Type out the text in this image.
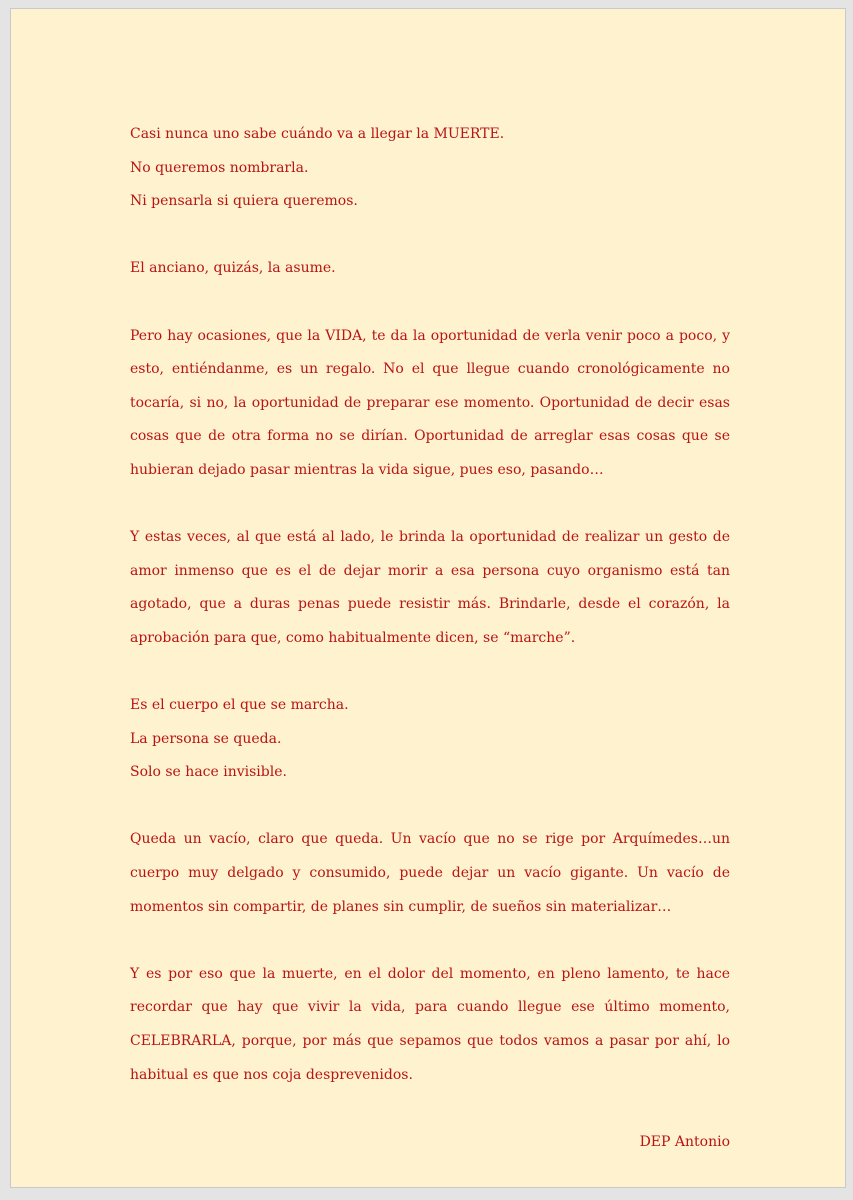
Casi nunca uno sabe cuándo va a llegar la MUERTE.
No queremos nombrarla.
Ni pensarla si quiera queremos.
El anciano, quizás, la asume.

Pero hay ocasiones, que la VIDA, te da la oportunidad de verla venir poco a poco, y esto, entiéndanme, es un regalo. No el que llegue cuando cronológicamente no tocaría, si no, la oportunidad de preparar ese momento. Oportunidad de decir esas cosas que de otra forma no se dirían. Oportunidad de arreglar esas cosas que se hubieran dejado pasar mientras la vida sigue, pues eso, pasando…

Y estas veces, al que está al lado, le brinda la oportunidad de realizar un gesto de amor inmenso que es el de dejar morir a esa persona cuyo organismo está tan agotado, que a duras penas puede resistir más. Brindarle, desde el corazón, la aprobación para que, como habitualmente dicen, se “marche”.

Es el cuerpo el que se marcha.
La persona se queda.
Solo se hace invisible.

Queda un vacío, claro que queda. Un vacío que no se rige por Arquímedes…un cuerpo muy delgado y consumido, puede dejar un vacío gigante. Un vacío de momentos sin compartir, de planes sin cumplir, de sueños sin materializar…

Y es por eso que la muerte, en el dolor del momento, en pleno lamento, te hace recordar que hay que vivir la vida, para cuando llegue ese último momento, CELEBRARLA, porque, por más que sepamos que todos vamos a pasar por ahí, lo habitual es que nos coja desprevenidos.

DEP Antonio
